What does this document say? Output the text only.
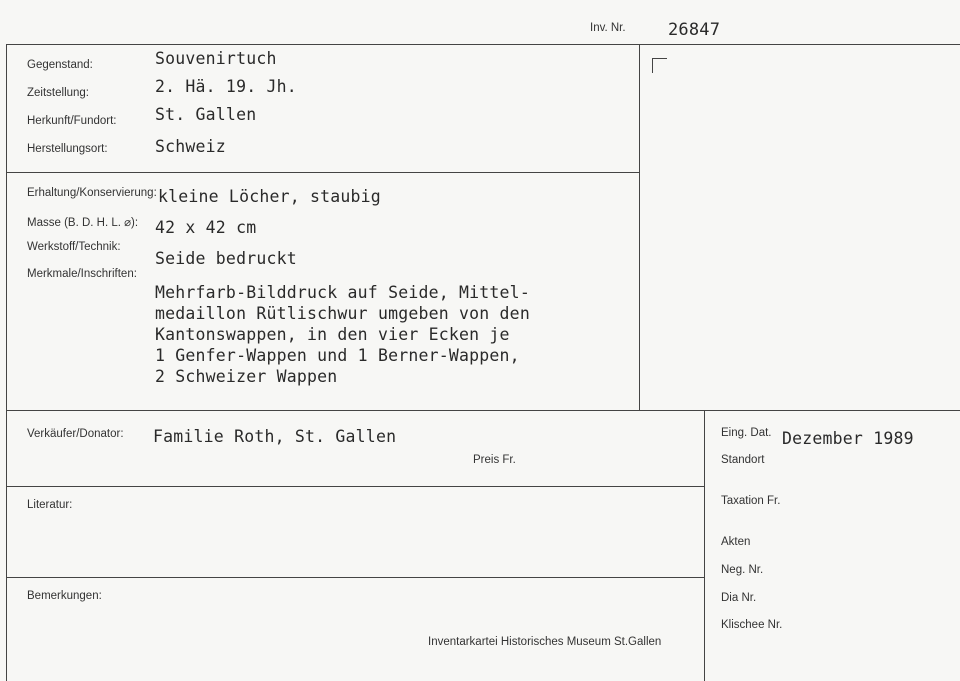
Inv. Nr. 26847
Gegenstand:	Souvenirtuch
Zeitstellung:	2. Hä. 19. Jh.
Herkunft/Fundort: St. Gallen
Herstellungsort:	Schweiz
Erhaltung/Konservierung: kleine Löcher, staubig
Masse (B. D. H. L. ⌀): 42 x 42 cm
Werkstoff/Technik:
Seide bedruckt
Merkmale/Inschriften:
Mehrfarb-Bilddruck auf Seide, Mittel-
medaillon Rütlischwur umgeben von den
Kantonswappen, in den vier Ecken je
1 Genfer-Wappen und 1 Berner-Wappen,
2 Schweizer Wappen
Verkäufer/Donator: Familie Roth, St. Gallen
Preis Fr.
Literatur:
Bemerkungen:
Inventarkartei Historisches Museum St.Gallen
Eing. Dat. Dezember 1989
Standort
Taxation Fr.
Akten
Neg. Nr.
Dia Nr.
Klischee Nr.
